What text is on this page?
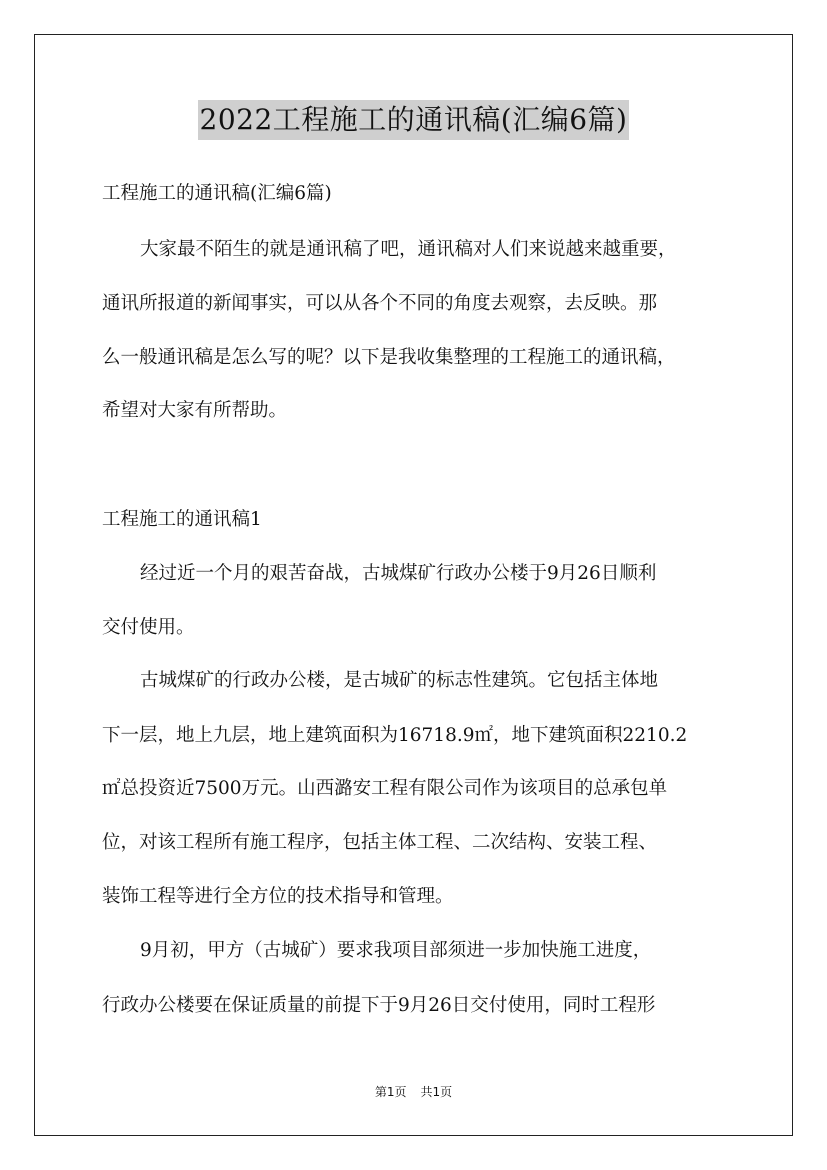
2022工程施工的通讯稿(汇编6篇)
工程施工的通讯稿(汇编6篇)
大家最不陌生的就是通讯稿了吧，通讯稿对人们来说越来越重要，
通讯所报道的新闻事实，可以从各个不同的角度去观察，去反映。那
么一般通讯稿是怎么写的呢？以下是我收集整理的工程施工的通讯稿，
希望对大家有所帮助。
工程施工的通讯稿1
经过近一个月的艰苦奋战，古城煤矿行政办公楼于9月26日顺利
交付使用。
古城煤矿的行政办公楼，是古城矿的标志性建筑。它包括主体地
下一层，地上九层，地上建筑面积为16718.9㎡，地下建筑面积2210.2
㎡总投资近7500万元。山西潞安工程有限公司作为该项目的总承包单
位，对该工程所有施工程序，包括主体工程、二次结构、安装工程、
装饰工程等进行全方位的技术指导和管理。
9月初，甲方（古城矿）要求我项目部须进一步加快施工进度，
行政办公楼要在保证质量的前提下于9月26日交付使用，同时工程形
第1页 共1页
